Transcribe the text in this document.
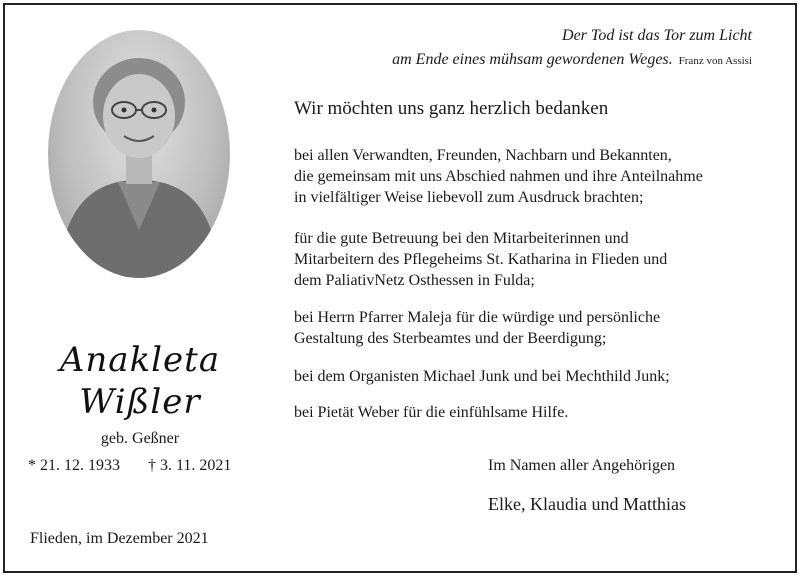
Anakleta
Wißler
geb. Geßner
* 21. 12. 1933 † 3. 11. 2021
Flieden, im Dezember 2021
Der Tod ist das Tor zum Licht
am Ende eines mühsam gewordenen Weges. Franz von Assisi
Wir möchten uns ganz herzlich bedanken
bei allen Verwandten, Freunden, Nachbarn und Bekannten,
die gemeinsam mit uns Abschied nahmen und ihre Anteilnahme
in vielfältiger Weise liebevoll zum Ausdruck brachten;
für die gute Betreuung bei den Mitarbeiterinnen und
Mitarbeitern des Pflegeheims St. Katharina in Flieden und
dem PaliativNetz Osthessen in Fulda;
bei Herrn Pfarrer Maleja für die würdige und persönliche
Gestaltung des Sterbeamtes und der Beerdigung;
bei dem Organisten Michael Junk und bei Mechthild Junk;
bei Pietät Weber für die einfühlsame Hilfe.
Im Namen aller Angehörigen
Elke, Klaudia und Matthias
